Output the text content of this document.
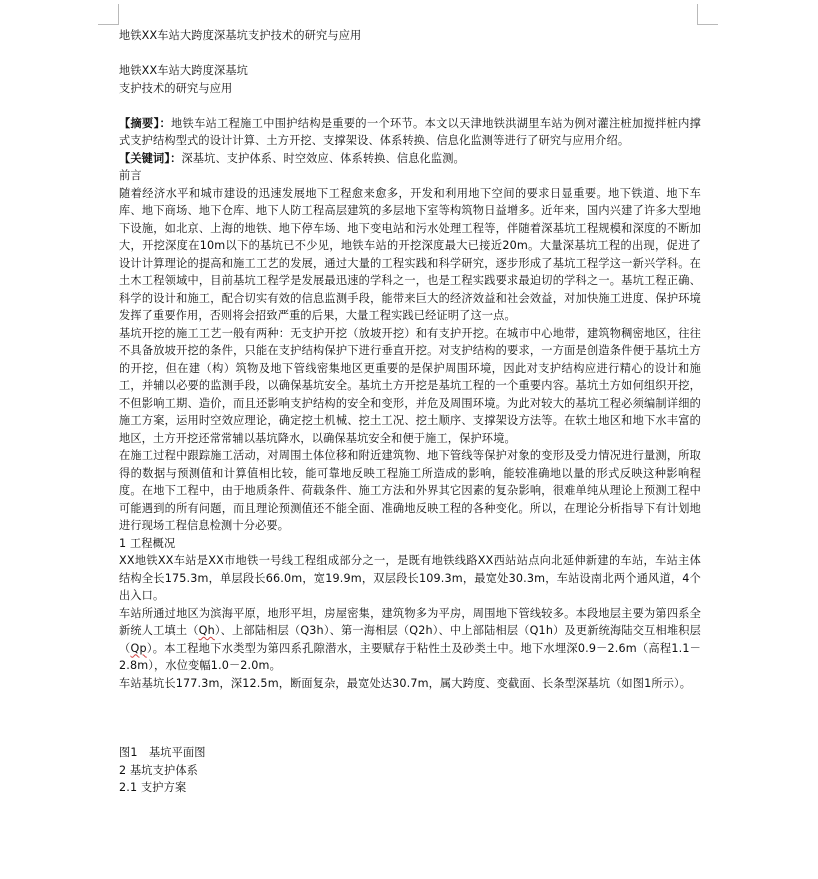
地铁XX车站大跨度深基坑支护技术的研究与应用

地铁XX车站大跨度深基坑

支护技术的研究与应用

【摘要】：地铁车站工程施工中围护结构是重要的一个环节。本文以天津地铁洪湖里车站为例对灌注桩加搅拌桩内撑式支护结构型式的设计计算、土方开挖、支撑架设、体系转换、信息化监测等进行了研究与应用介绍。

【关键词】：深基坑、支护体系、时空效应、体系转换、信息化监测。

前言

随着经济水平和城市建设的迅速发展地下工程愈来愈多，开发和利用地下空间的要求日显重要。地下铁道、地下车库、地下商场、地下仓库、地下人防工程高层建筑的多层地下室等构筑物日益增多。近年来，国内兴建了许多大型地下设施，如北京、上海的地铁、地下停车场、地下变电站和污水处理工程等，伴随着深基坑工程规模和深度的不断加大，开挖深度在10m以下的基坑已不少见，地铁车站的开挖深度最大已接近20m。大量深基坑工程的出现，促进了设计计算理论的提高和施工工艺的发展，通过大量的工程实践和科学研究，逐步形成了基坑工程学这一新兴学科。在土木工程领域中，目前基坑工程学是发展最迅速的学科之一，也是工程实践要求最迫切的学科之一。基坑工程正确、科学的设计和施工，配合切实有效的信息监测手段，能带来巨大的经济效益和社会效益，对加快施工进度、保护环境发挥了重要作用，否则将会招致严重的后果，大量工程实践已经证明了这一点。

基坑开挖的施工工艺一般有两种：无支护开挖（放坡开挖）和有支护开挖。在城市中心地带，建筑物稠密地区，往往不具备放坡开挖的条件，只能在支护结构保护下进行垂直开挖。对支护结构的要求，一方面是创造条件便于基坑土方的开挖，但在建（构）筑物及地下管线密集地区更重要的是保护周围环境，因此对支护结构应进行精心的设计和施工，并辅以必要的监测手段，以确保基坑安全。基坑土方开挖是基坑工程的一个重要内容。基坑土方如何组织开挖，不但影响工期、造价，而且还影响支护结构的安全和变形，并危及周围环境。为此对较大的基坑工程必须编制详细的施工方案，运用时空效应理论，确定挖土机械、挖土工况、挖土顺序、支撑架设方法等。在软土地区和地下水丰富的地区，土方开挖还常常辅以基坑降水，以确保基坑安全和便于施工，保护环境。

在施工过程中跟踪施工活动，对周围土体位移和附近建筑物、地下管线等保护对象的变形及受力情况进行量测，所取得的数据与预测值和计算值相比较，能可靠地反映工程施工所造成的影响，能较准确地以量的形式反映这种影响程度。在地下工程中，由于地质条件、荷载条件、施工方法和外界其它因素的复杂影响，很难单纯从理论上预测工程中可能遇到的所有问题，而且理论预测值还不能全面、准确地反映工程的各种变化。所以，在理论分析指导下有计划地进行现场工程信息检测十分必要。

1 工程概况

XX地铁XX车站是XX市地铁一号线工程组成部分之一，是既有地铁线路XX西站站点向北延伸新建的车站，车站主体结构全长175.3m，单层段长66.0m，宽19.9m，双层段长109.3m，最宽处30.3m，车站设南北两个通风道，4个出入口。

车站所通过地区为滨海平原，地形平坦，房屋密集，建筑物多为平房，周围地下管线较多。本段地层主要为第四系全新统人工填土（Qh）、上部陆相层（Q3h）、第一海相层（Q2h）、中上部陆相层（Q1h）及更新统海陆交互相堆积层（Qp）。本工程地下水类型为第四系孔隙潜水，主要赋存于粘性土及砂类土中。地下水埋深0.9－2.6m（高程1.1－2.8m），水位变幅1.0－2.0m。

车站基坑长177.3m，深12.5m，断面复杂，最宽处达30.7m，属大跨度、变截面、长条型深基坑（如图1所示）。

图1　基坑平面图

2 基坑支护体系

2.1 支护方案
